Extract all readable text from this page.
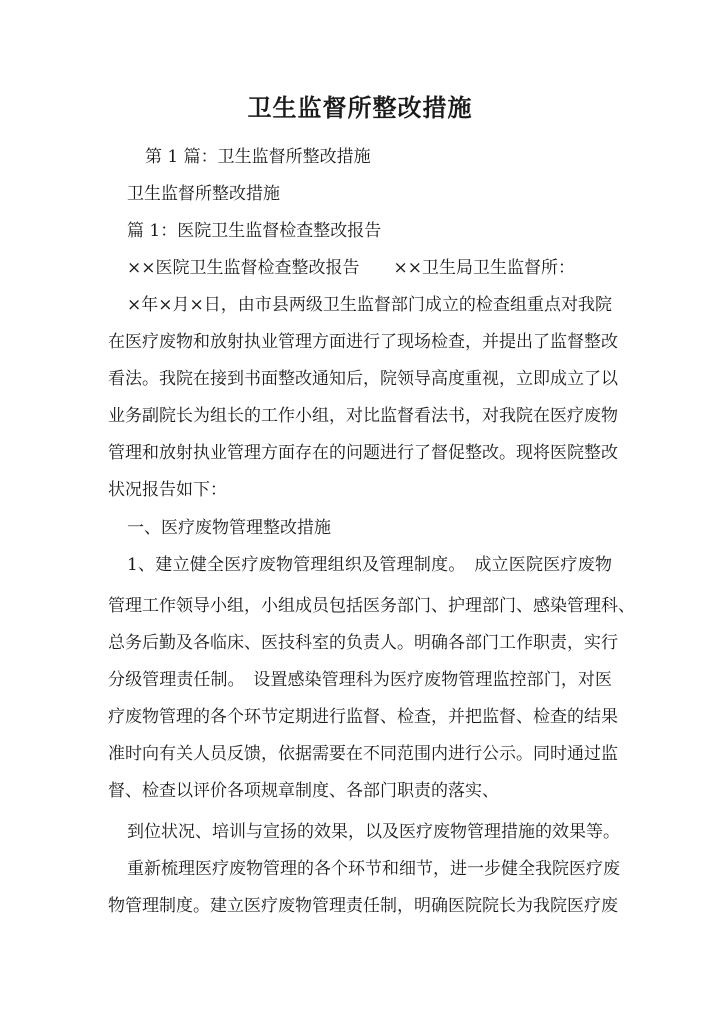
卫生监督所整改措施
第 1 篇：卫生监督所整改措施
卫生监督所整改措施
篇 1：医院卫生监督检查整改报告
××医院卫生监督检查整改报告　　××卫生局卫生监督所：
×年×月×日，由市县两级卫生监督部门成立的检查组重点对我院
在医疗废物和放射执业管理方面进行了现场检查，并提出了监督整改
看法。我院在接到书面整改通知后，院领导高度重视，立即成立了以
业务副院长为组长的工作小组，对比监督看法书，对我院在医疗废物
管理和放射执业管理方面存在的问题进行了督促整改。现将医院整改
状况报告如下：
一、医疗废物管理整改措施
1、建立健全医疗废物管理组织及管理制度。　成立医院医疗废物
管理工作领导小组，小组成员包括医务部门、护理部门、感染管理科、
总务后勤及各临床、医技科室的负责人。明确各部门工作职责，实行
分级管理责任制。　设置感染管理科为医疗废物管理监控部门，对医
疗废物管理的各个环节定期进行监督、检查，并把监督、检查的结果
准时向有关人员反馈，依据需要在不同范围内进行公示。同时通过监
督、检查以评价各项规章制度、各部门职责的落实、
到位状况、培训与宣扬的效果，以及医疗废物管理措施的效果等。
重新梳理医疗废物管理的各个环节和细节，进一步健全我院医疗废
物管理制度。建立医疗废物管理责任制，明确医院院长为我院医疗废
